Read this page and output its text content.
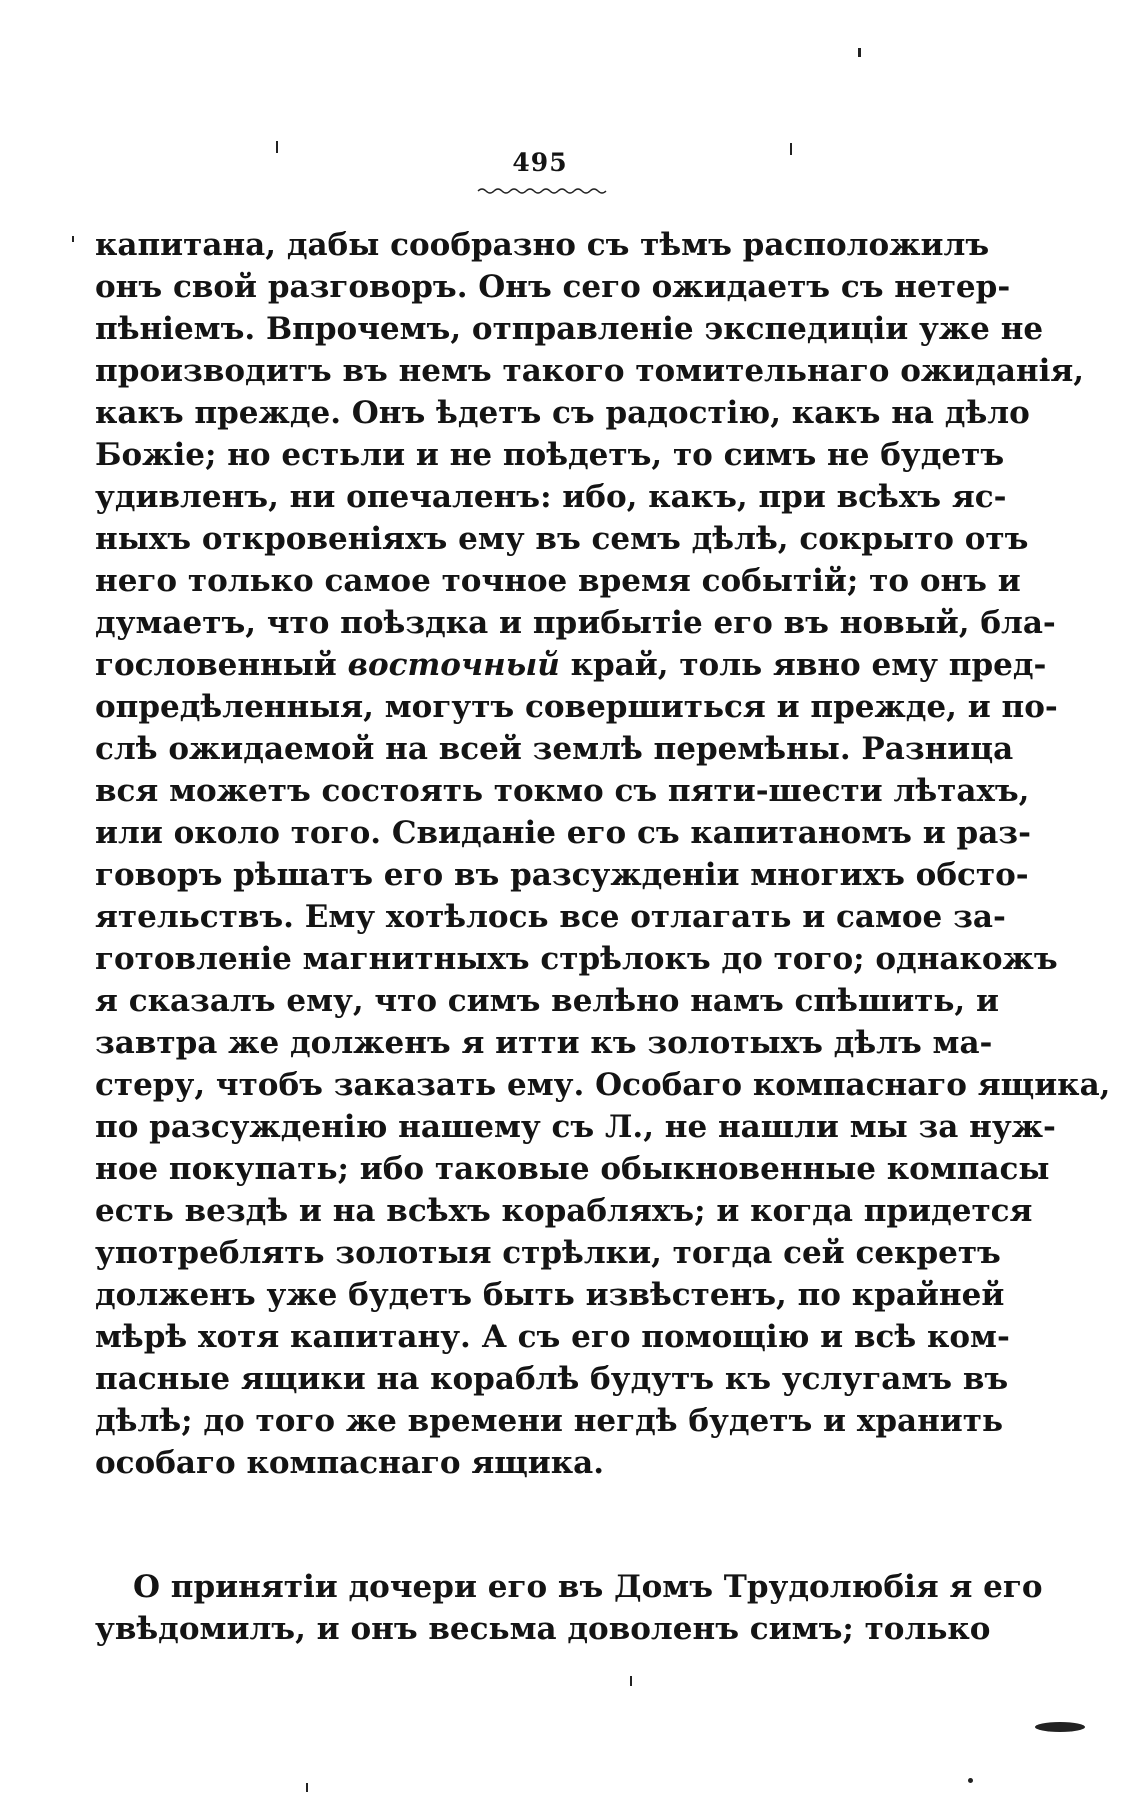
495
капитана, дабы сообразно съ тѣмъ расположилъ
онъ свой разговоръ. Онъ сего ожидаетъ съ нетер-
пѣніемъ. Впрочемъ, отправленіе экспедиціи уже не
производитъ въ немъ такого томительнаго ожиданія,
какъ прежде. Онъ ѣдетъ съ радостію, какъ на дѣло
Божіе; но естьли и не поѣдетъ, то симъ не будетъ
удивленъ, ни опечаленъ: ибо, какъ, при всѣхъ яс-
ныхъ откровеніяхъ ему въ семъ дѣлѣ, сокрыто отъ
него только самое точное время событій; то онъ и
думаетъ, что поѣздка и прибытіе его въ новый, бла-
гословенный восточный край, толь явно ему пред-
опредѣленныя, могутъ совершиться и прежде, и по-
слѣ ожидаемой на всей землѣ перемѣны. Разница
вся можетъ состоять токмо съ пяти-шести лѣтахъ,
или около того. Свиданіе его съ капитаномъ и раз-
говоръ рѣшатъ его въ разсужденіи многихъ обсто-
ятельствъ. Ему хотѣлось все отлагать и самое за-
готовленіе магнитныхъ стрѣлокъ до того; однакожъ
я сказалъ ему, что симъ велѣно намъ спѣшить, и
завтра же долженъ я итти къ золотыхъ дѣлъ ма-
стеру, чтобъ заказать ему. Особаго компаснаго ящика,
по разсужденію нашему съ Л., не нашли мы за нуж-
ное покупать; ибо таковые обыкновенные компасы
есть вездѣ и на всѣхъ корабляхъ; и когда придется
употреблять золотыя стрѣлки, тогда сей секретъ
долженъ уже будетъ быть извѣстенъ, по крайней
мѣрѣ хотя капитану. А съ его помощію и всѣ ком-
пасные ящики на кораблѣ будутъ къ услугамъ въ
дѣлѣ; до того же времени негдѣ будетъ и хранить
особаго компаснаго ящика.
О принятіи дочери его въ Домъ Трудолюбія я его
увѣдомилъ, и онъ весьма доволенъ симъ; только
